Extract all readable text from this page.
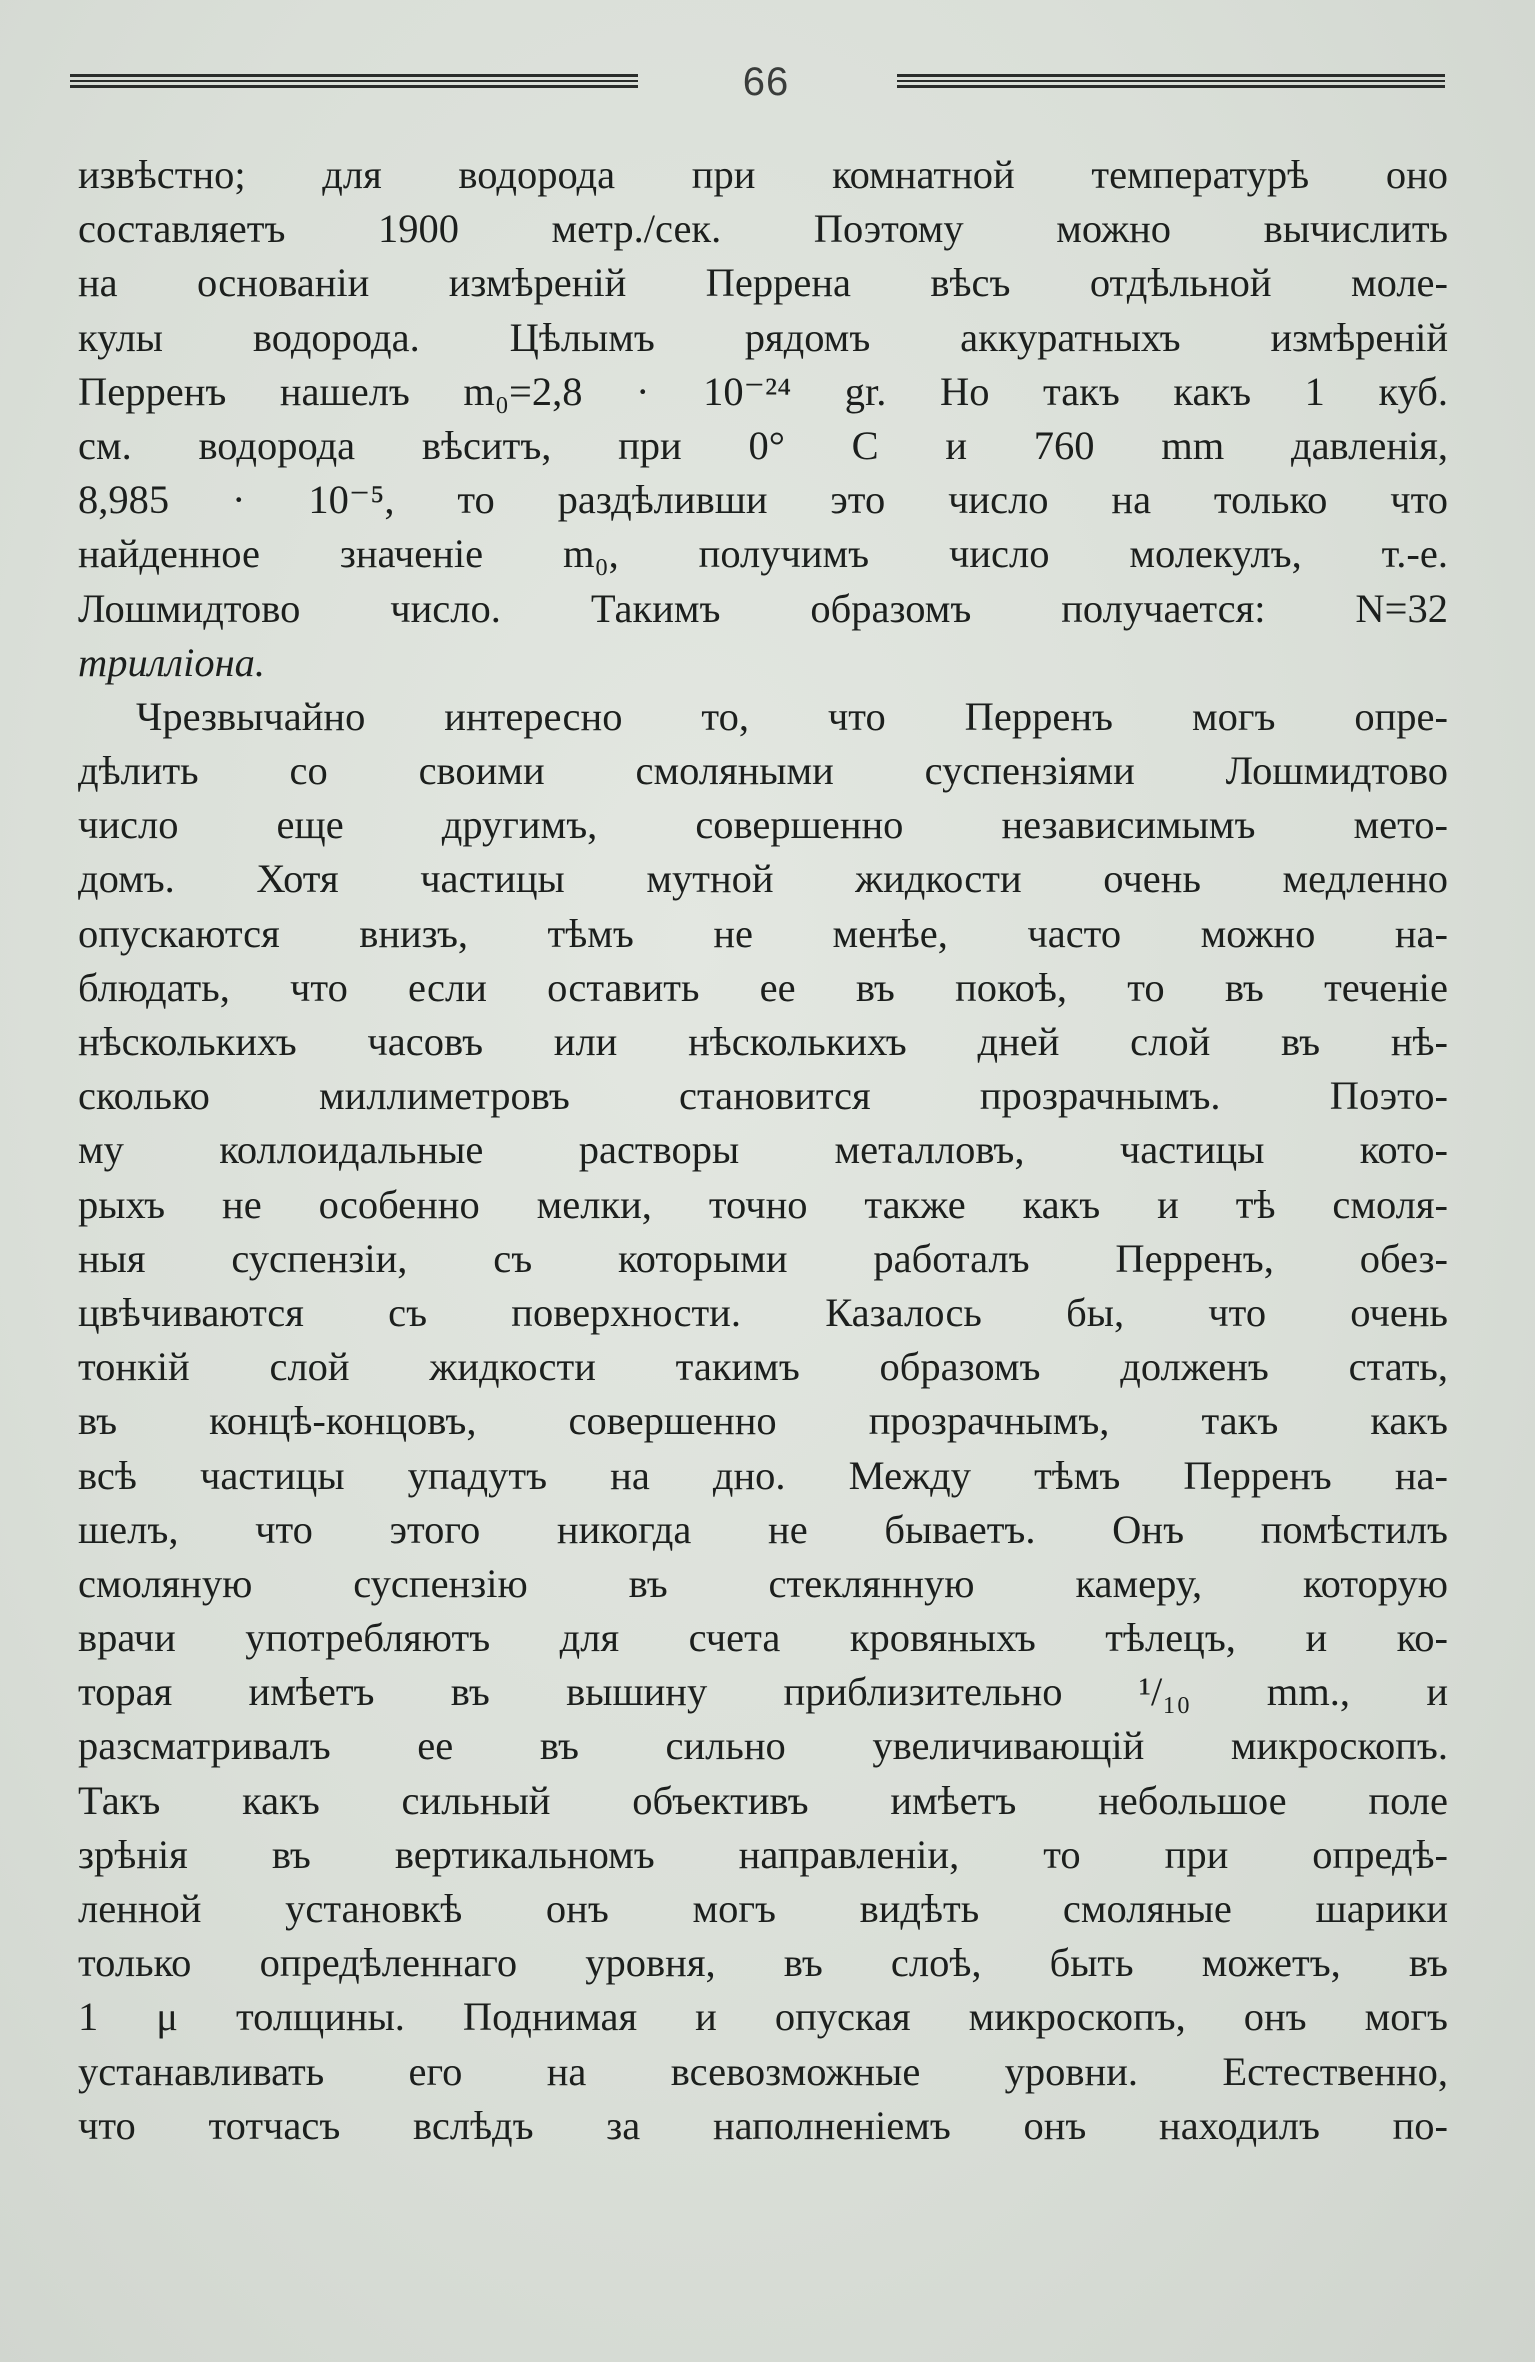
66
извѣстно; для водорода при комнатной температурѣ оно
составляетъ 1900 метр./сек. Поэтому можно вычислить
на основаніи измѣреній Перрена вѣсъ отдѣльной моле-
кулы водорода. Цѣлымъ рядомъ аккуратныхъ измѣреній
Перренъ нашелъ m₀=2,8 · 10⁻²⁴ gr. Но такъ какъ 1 куб.
см. водорода вѣситъ, при 0° С и 760 mm давленія,
8,985 · 10⁻⁵, то раздѣливши это число на только что
найденное значеніе m₀, получимъ число молекулъ, т.-е.
Лошмидтово число. Такимъ образомъ получается: N=32
трилліона.
Чрезвычайно интересно то, что Перренъ могъ опре-
дѣлить со своими смоляными суспензіями Лошмидтово
число еще другимъ, совершенно независимымъ мето-
домъ. Хотя частицы мутной жидкости очень медленно
опускаются внизъ, тѣмъ не менѣе, часто можно на-
блюдать, что если оставить ее въ покоѣ, то въ теченіе
нѣсколькихъ часовъ или нѣсколькихъ дней слой въ нѣ-
сколько миллиметровъ становится прозрачнымъ. Поэто-
му коллоидальные растворы металловъ, частицы кото-
рыхъ не особенно мелки, точно также какъ и тѣ смоля-
ныя суспензіи, съ которыми работалъ Перренъ, обез-
цвѣчиваются съ поверхности. Казалось бы, что очень
тонкій слой жидкости такимъ образомъ долженъ стать,
въ концѣ-концовъ, совершенно прозрачнымъ, такъ какъ
всѣ частицы упадутъ на дно. Между тѣмъ Перренъ на-
шелъ, что этого никогда не бываетъ. Онъ помѣстилъ
смоляную суспензію въ стеклянную камеру, которую
врачи употребляютъ для счета кровяныхъ тѣлецъ, и ко-
торая имѣетъ въ вышину приблизительно ¹/₁₀ mm., и
разсматривалъ ее въ сильно увеличивающій микроскопъ.
Такъ какъ сильный объективъ имѣетъ небольшое поле
зрѣнія въ вертикальномъ направленіи, то при опредѣ-
ленной установкѣ онъ могъ видѣть смоляные шарики
только опредѣленнаго уровня, въ слоѣ, быть можетъ, въ
1 μ толщины. Поднимая и опуская микроскопъ, онъ могъ
устанавливать его на всевозможные уровни. Естественно,
что тотчасъ вслѣдъ за наполненіемъ онъ находилъ по-
